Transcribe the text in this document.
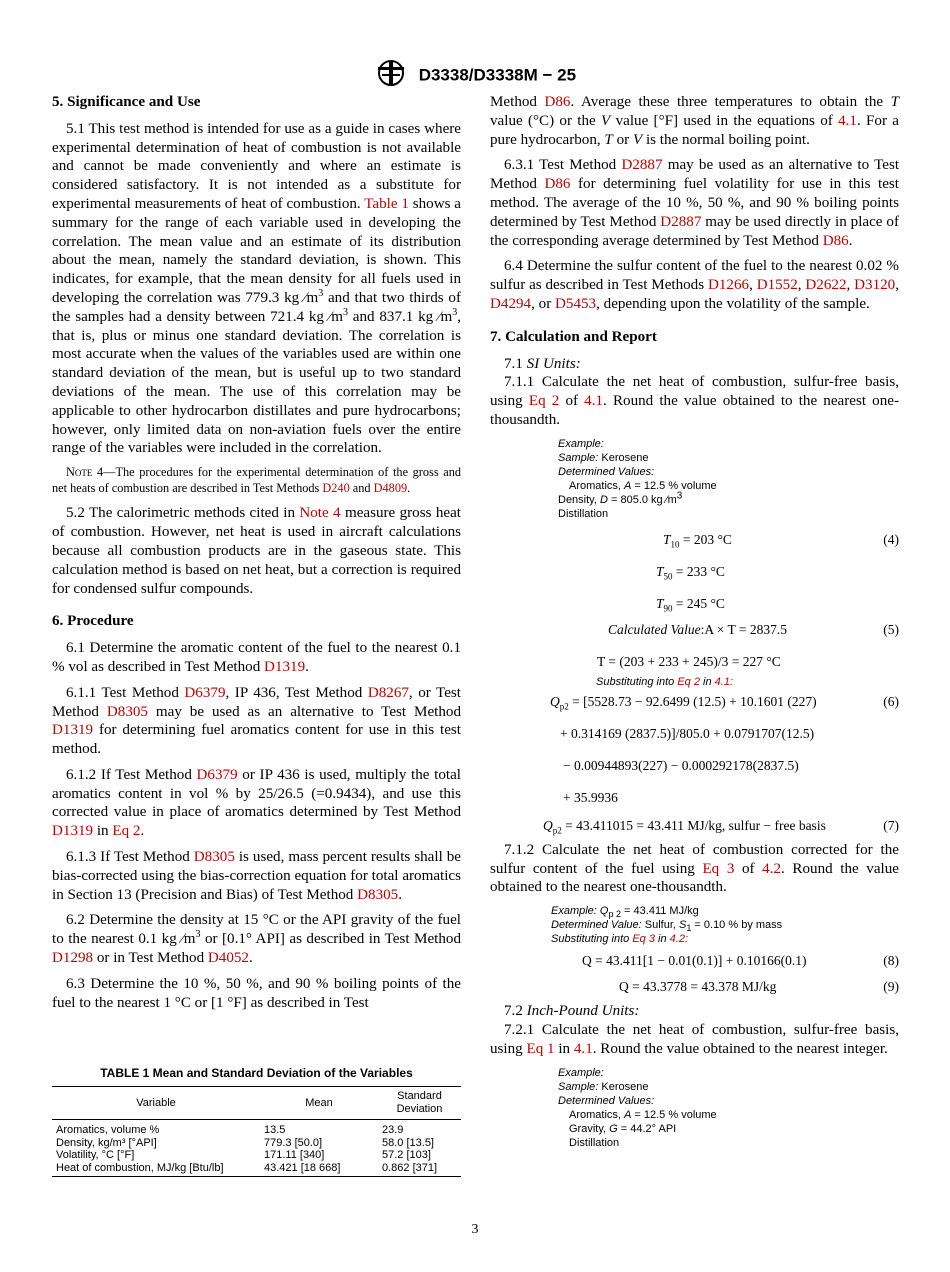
D3338/D3338M − 25
5. Significance and Use

5.1 This test method is intended for use as a guide in cases where experimental determination of heat of combustion is not available and cannot be made conveniently and where an estimate is considered satisfactory. It is not intended as a substitute for experimental measurements of heat of combustion. Table 1 shows a summary for the range of each variable used in developing the correlation. The mean value and an estimate of its distribution about the mean, namely the standard deviation, is shown. This indicates, for example, that the mean density for all fuels used in developing the correlation was 779.3 kg $⁄m^3$ and that two thirds of the samples had a density between 721.4 kg $⁄m^3$ and 837.1 kg $⁄m^3$, that is, plus or minus one standard deviation. The correlation is most accurate when the values of the variables used are within one standard deviation of the mean, but is useful up to two standard deviations of the mean. The use of this correlation may be applicable to other hydrocarbon distillates and pure hydrocarbons; however, only limited data on non-aviation fuels over the entire range of the variables were included in the correlation.

Note 4—The procedures for the experimental determination of the gross and net heats of combustion are described in Test Methods D240 and D4809.

5.2 The calorimetric methods cited in Note 4 measure gross heat of combustion. However, net heat is used in aircraft calculations because all combustion products are in the gaseous state. This calculation method is based on net heat, but a correction is required for condensed sulfur compounds.

6. Procedure

6.1 Determine the aromatic content of the fuel to the nearest 0.1 % vol as described in Test Method D1319.

6.1.1 Test Method D6379, IP 436, Test Method D8267, or Test Method D8305 may be used as an alternative to Test Method D1319 for determining fuel aromatics content for use in this test method.

6.1.2 If Test Method D6379 or IP 436 is used, multiply the total aromatics content in vol % by 25/26.5 (=0.9434), and use this corrected value in place of aromatics determined by Test Method D1319 in Eq 2.

6.1.3 If Test Method D8305 is used, mass percent results shall be bias-corrected using the bias-correction equation for total aromatics in Section 13 (Precision and Bias) of Test Method D8305.

6.2 Determine the density at 15 °C or the API gravity of the fuel to the nearest 0.1 kg $⁄m^3$ or [0.1° API] as described in Test Method D1298 or in Test Method D4052.

6.3 Determine the 10 %, 50 %, and 90 % boiling points of the fuel to the nearest 1 °C or [1 °F] as described in Test

TABLE 1 Mean and Standard Deviation of the Variables
Variable	Mean	Standard Deviation
Aromatics, volume %	13.5	23.9
Density, kg/m³ [°API]	779.3 [50.0]	58.0 [13.5]
Volatility, °C [°F]	171.11 [340]	57.2 [103]
Heat of combustion, MJ/kg [Btu/lb]	43.421 [18 668]	0.862 [371]

Method D86. Average these three temperatures to obtain the T value (°C) or the V value [°F] used in the equations of 4.1. For a pure hydrocarbon, T or V is the normal boiling point.

6.3.1 Test Method D2887 may be used as an alternative to Test Method D86 for determining fuel volatility for use in this test method. The average of the 10 %, 50 %, and 90 % boiling points determined by Test Method D2887 may be used directly in place of the corresponding average determined by Test Method D86.

6.4 Determine the sulfur content of the fuel to the nearest 0.02 % sulfur as described in Test Methods D1266, D1552, D2622, D3120, D4294, or D5453, depending upon the volatility of the sample.

7. Calculation and Report

7.1 SI Units:

7.1.1 Calculate the net heat of combustion, sulfur-free basis, using Eq 2 of 4.1. Round the value obtained to the nearest one-thousandth.

Example:
Sample: Kerosene
Determined Values:
Aromatics, A = 12.5 % volume
Density, D = 805.0 kg $⁄m^3$
Distillation
$T_{10} = 203$ °C	(4)
$T_{50} = 233$ °C
$T_{90} = 245$ °C
Calculated Value:A × T = 2837.5	(5)
T = (203 + 233 + 245)/3 = 227 °C
Substituting into Eq 2 in 4.1:
$Q_{p2} = [5528.73 - 92.6499$ (12.5) + 10.1601 (227)	(6)
+ 0.314169 (2837.5)]/805.0 + 0.0791707(12.5)
− 0.00944893(227) − 0.000292178(2837.5)
+ 35.9936
$Q_{p2} = 43.411015 = 43.411$ MJ/kg, sulfur − free basis	(7)

7.1.2 Calculate the net heat of combustion corrected for the sulfur content of the fuel using Eq 3 of 4.2. Round the value obtained to the nearest one-thousandth.

Example: $Q_{p 2} = 43.411$ MJ/kg
Determined Value: Sulfur, $S_1 = 0.10$ % by mass
Substituting into Eq 3 in 4.2:
Q = 43.411[1 − 0.01(0.1)] + 0.10166(0.1)	(8)
Q = 43.3778 = 43.378 MJ/kg	(9)

7.2 Inch-Pound Units:

7.2.1 Calculate the net heat of combustion, sulfur-free basis, using Eq 1 in 4.1. Round the value obtained to the nearest integer.

Example:
Sample: Kerosene
Determined Values:
Aromatics, A = 12.5 % volume
Gravity, G = 44.2° API
Distillation
3
